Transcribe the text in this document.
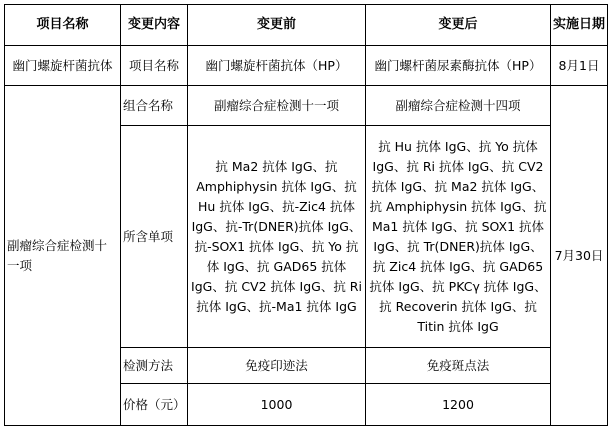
项目名称	变更内容	变更前	变更后	实施日期
幽门螺旋杆菌抗体	项目名称	幽门螺旋杆菌抗体（HP）	幽门螺杆菌尿素酶抗体（HP）	8月1日
副瘤综合症检测十一项	组合名称	副瘤综合症检测十一项	副瘤综合症检测十四项	7月30日
	所含单项	抗 Ma2 抗体 IgG、抗 Amphiphysin 抗体 IgG、抗 Hu 抗体 IgG、抗-Zic4 抗体 IgG、抗-Tr(DNER)抗体 IgG、抗-SOX1 抗体 IgG、抗 Yo 抗体 IgG、抗 GAD65 抗体 IgG、抗 CV2 抗体 IgG、抗 Ri 抗体 IgG、抗-Ma1 抗体 IgG	抗 Hu 抗体 IgG、抗 Yo 抗体 IgG、抗 Ri 抗体 IgG、抗 CV2 抗体 IgG、抗 Ma2 抗体 IgG、抗 Amphiphysin 抗体 IgG、抗 Ma1 抗体 IgG、抗 SOX1 抗体 IgG、抗 Tr(DNER)抗体 IgG、抗 Zic4 抗体 IgG、抗 GAD65 抗体 IgG、抗 PKCγ 抗体 IgG、抗 Recoverin 抗体 IgG、抗 Titin 抗体 IgG	
	检测方法	免疫印迹法	免疫斑点法	
	价格（元）	1000	1200	
